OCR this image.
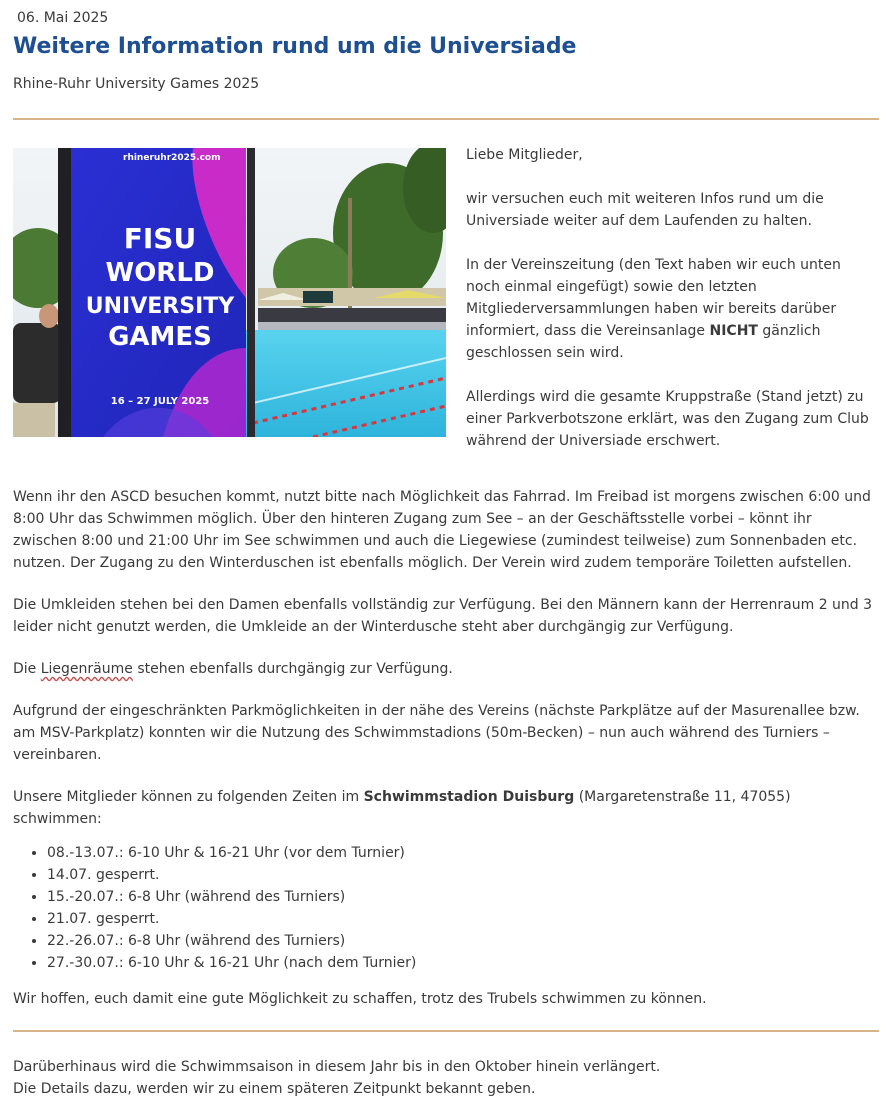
06. Mai 2025
Weitere Information rund um die Universiade
Rhine-Ruhr University Games 2025
rhineruhr2025.com
FISU
WORLD
UNIVERSITY
GAMES
16 – 27 JULY 2025

Liebe Mitglieder,

wir versuchen euch mit weiteren Infos rund um die Universiade weiter auf dem Laufenden zu halten.

In der Vereinszeitung (den Text haben wir euch unten noch einmal eingefügt) sowie den letzten Mitgliederversammlungen haben wir bereits darüber informiert, dass die Vereinsanlage NICHT gänzlich geschlossen sein wird.

Allerdings wird die gesamte Kruppstraße (Stand jetzt) zu einer Parkverbotszone erklärt, was den Zugang zum Club während der Universiade erschwert.

Wenn ihr den ASCD besuchen kommt, nutzt bitte nach Möglichkeit das Fahrrad. Im Freibad ist morgens zwischen 6:00 und 8:00 Uhr das Schwimmen möglich. Über den hinteren Zugang zum See – an der Geschäftsstelle vorbei – könnt ihr zwischen 8:00 und 21:00 Uhr im See schwimmen und auch die Liegewiese (zumindest teilweise) zum Sonnenbaden etc. nutzen. Der Zugang zu den Winterduschen ist ebenfalls möglich. Der Verein wird zudem temporäre Toiletten aufstellen.

Die Umkleiden stehen bei den Damen ebenfalls vollständig zur Verfügung. Bei den Männern kann der Herrenraum 2 und 3 leider nicht genutzt werden, die Umkleide an der Winterdusche steht aber durchgängig zur Verfügung.

Die Liegenräume stehen ebenfalls durchgängig zur Verfügung.

Aufgrund der eingeschränkten Parkmöglichkeiten in der nähe des Vereins (nächste Parkplätze auf der Masurenallee bzw. am MSV-Parkplatz) konnten wir die Nutzung des Schwimmstadions (50m-Becken) – nun auch während des Turniers – vereinbaren.

Unsere Mitglieder können zu folgenden Zeiten im Schwimmstadion Duisburg (Margaretenstraße 11, 47055) schwimmen:

• 08.-13.07.: 6-10 Uhr & 16-21 Uhr (vor dem Turnier)
• 14.07. gesperrt.
• 15.-20.07.: 6-8 Uhr (während des Turniers)
• 21.07. gesperrt.
• 22.-26.07.: 6-8 Uhr (während des Turniers)
• 27.-30.07.: 6-10 Uhr & 16-21 Uhr (nach dem Turnier)

Wir hoffen, euch damit eine gute Möglichkeit zu schaffen, trotz des Trubels schwimmen zu können.

Darüberhinaus wird die Schwimmsaison in diesem Jahr bis in den Oktober hinein verlängert.
Die Details dazu, werden wir zu einem späteren Zeitpunkt bekannt geben.
